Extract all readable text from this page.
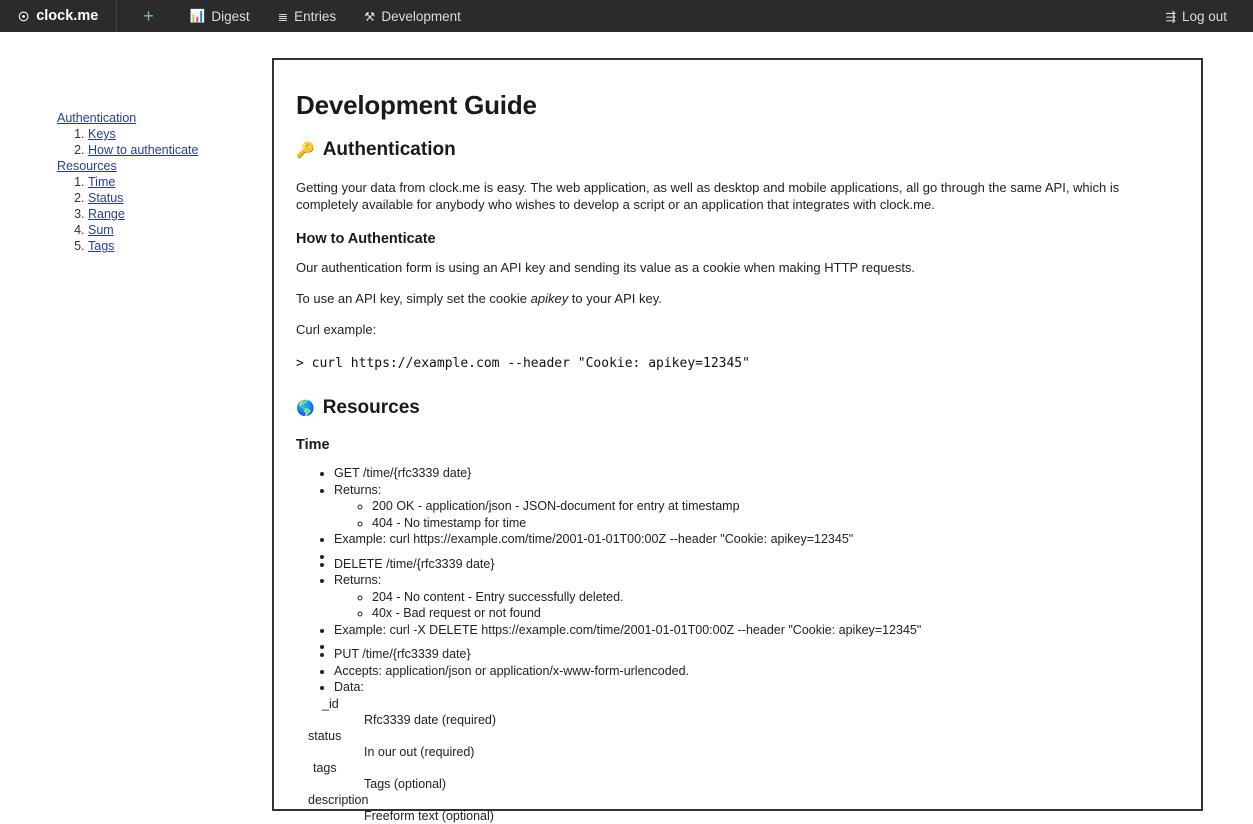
☉ clock.me	+	📊 Digest ≣ Entries ⚒ Development	⇶ Log out
Authentication
1. Keys
2. How to authenticate
Resources
1. Time
2. Status
3. Range
4. Sum
5. Tags
Development Guide
🔑 Authentication

Getting your data from clock.me is easy. The web application, as well as desktop and mobile applications, all go through the same API, which is completely available for anybody who wishes to develop a script or an application that integrates with clock.me.

How to Authenticate

Our authentication form is using an API key and sending its value as a cookie when making HTTP requests.

To use an API key, simply set the cookie apikey to your API key.

Curl example:

> curl https://example.com --header "Cookie: apikey=12345"
🌎 Resources
Time
• GET /time/{rfc3339 date}
• Returns:
◦ 200 OK - application/json - JSON-document for entry at timestamp
◦ 404 - No timestamp for time
• Example: curl https://example.com/time/2001-01-01T00:00Z --header "Cookie: apikey=12345"
•
• DELETE /time/{rfc3339 date}
• Returns:
◦ 204 - No content - Entry successfully deleted.
◦ 40x - Bad request or not found
• Example: curl -X DELETE https://example.com/time/2001-01-01T00:00Z --header "Cookie: apikey=12345"
•
• PUT /time/{rfc3339 date}
• Accepts: application/json or application/x-www-form-urlencoded.
• Data:
_id
Rfc3339 date (required)
status
In our out (required)
tags
Tags (optional)
description
Freeform text (optional)
